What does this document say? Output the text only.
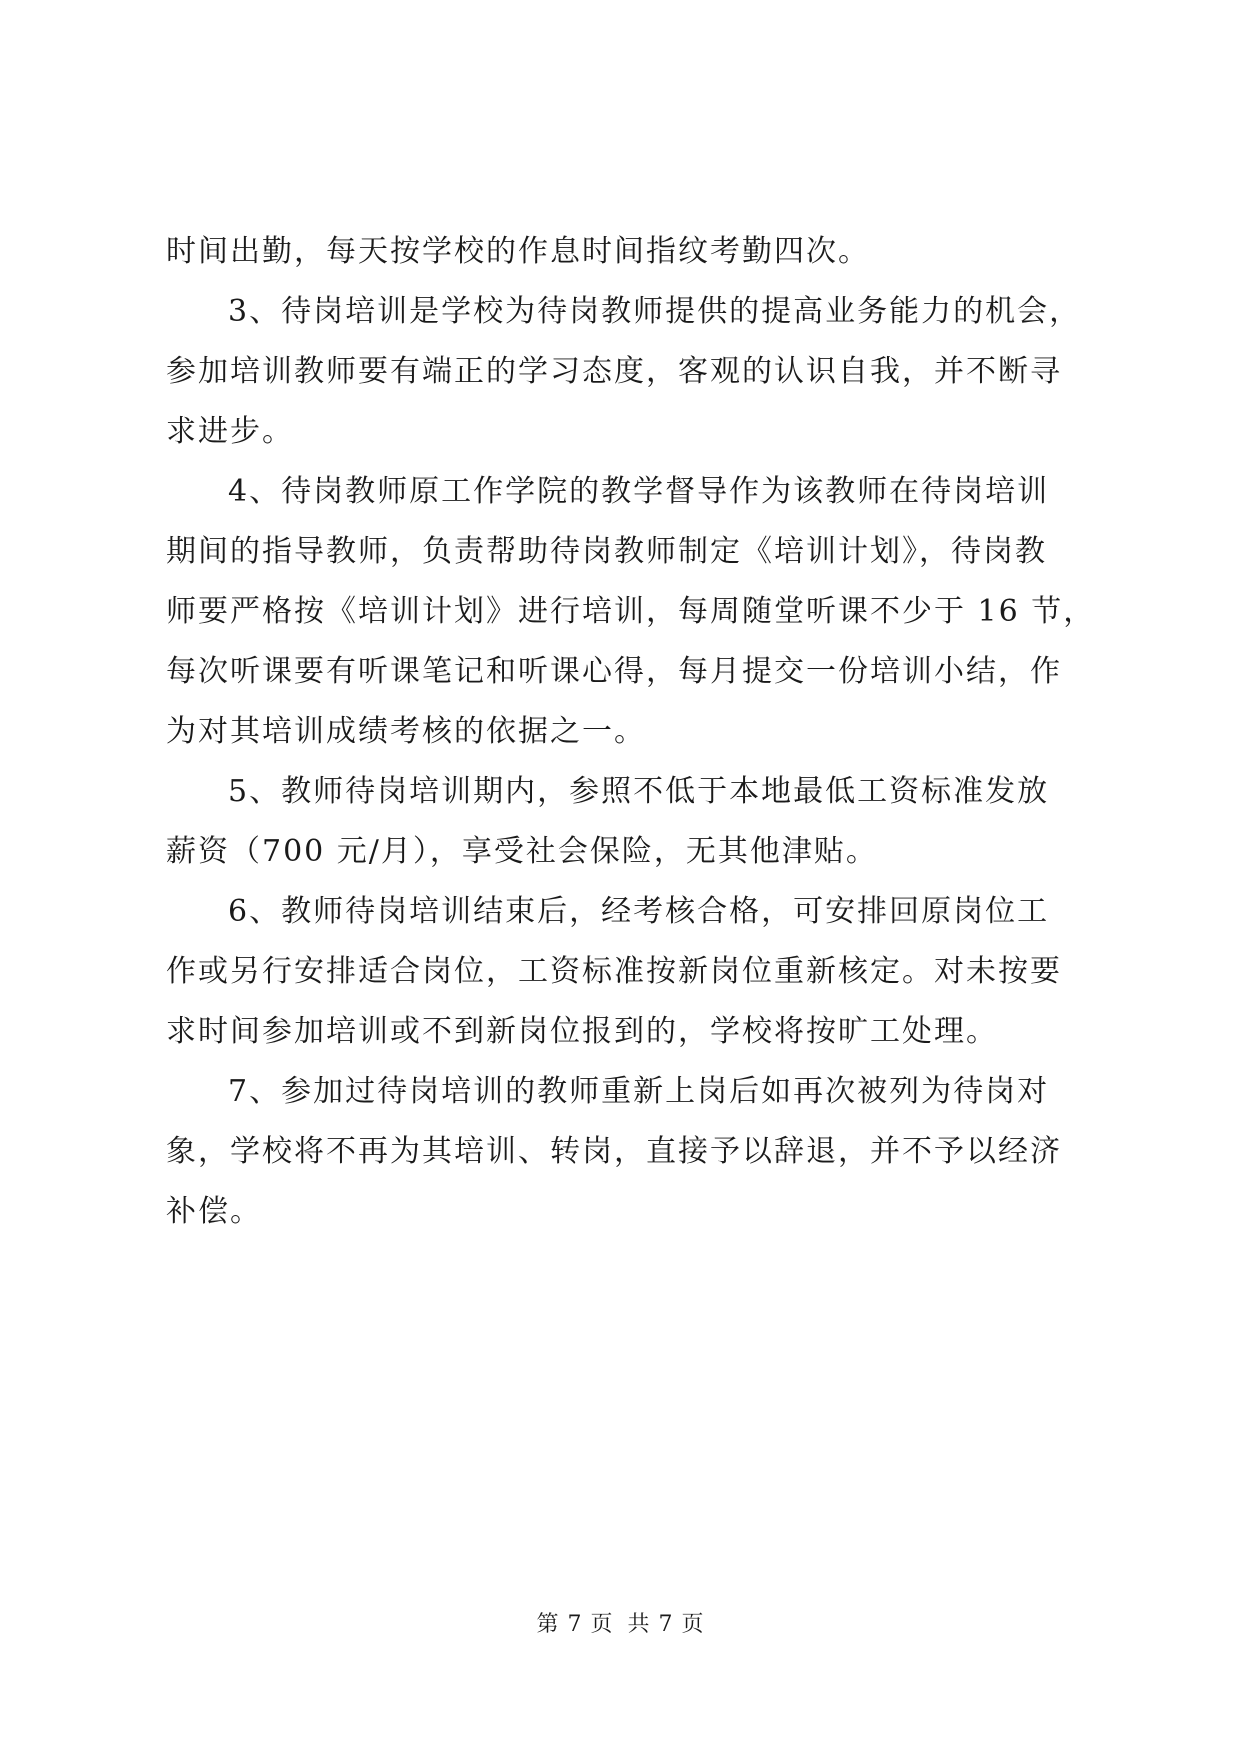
时间出勤，每天按学校的作息时间指纹考勤四次。

3、待岗培训是学校为待岗教师提供的提高业务能力的机会，
参加培训教师要有端正的学习态度，客观的认识自我，并不断寻
求进步。

4、待岗教师原工作学院的教学督导作为该教师在待岗培训
期间的指导教师，负责帮助待岗教师制定《培训计划》，待岗教
师要严格按《培训计划》进行培训，每周随堂听课不少于 16 节，
每次听课要有听课笔记和听课心得，每月提交一份培训小结，作
为对其培训成绩考核的依据之一。

5、教师待岗培训期内，参照不低于本地最低工资标准发放
薪资（700 元/月），享受社会保险，无其他津贴。

6、教师待岗培训结束后，经考核合格，可安排回原岗位工
作或另行安排适合岗位，工资标准按新岗位重新核定。对未按要
求时间参加培训或不到新岗位报到的，学校将按旷工处理。

7、参加过待岗培训的教师重新上岗后如再次被列为待岗对
象，学校将不再为其培训、转岗，直接予以辞退，并不予以经济
补偿。

第 7 页 共 7 页
